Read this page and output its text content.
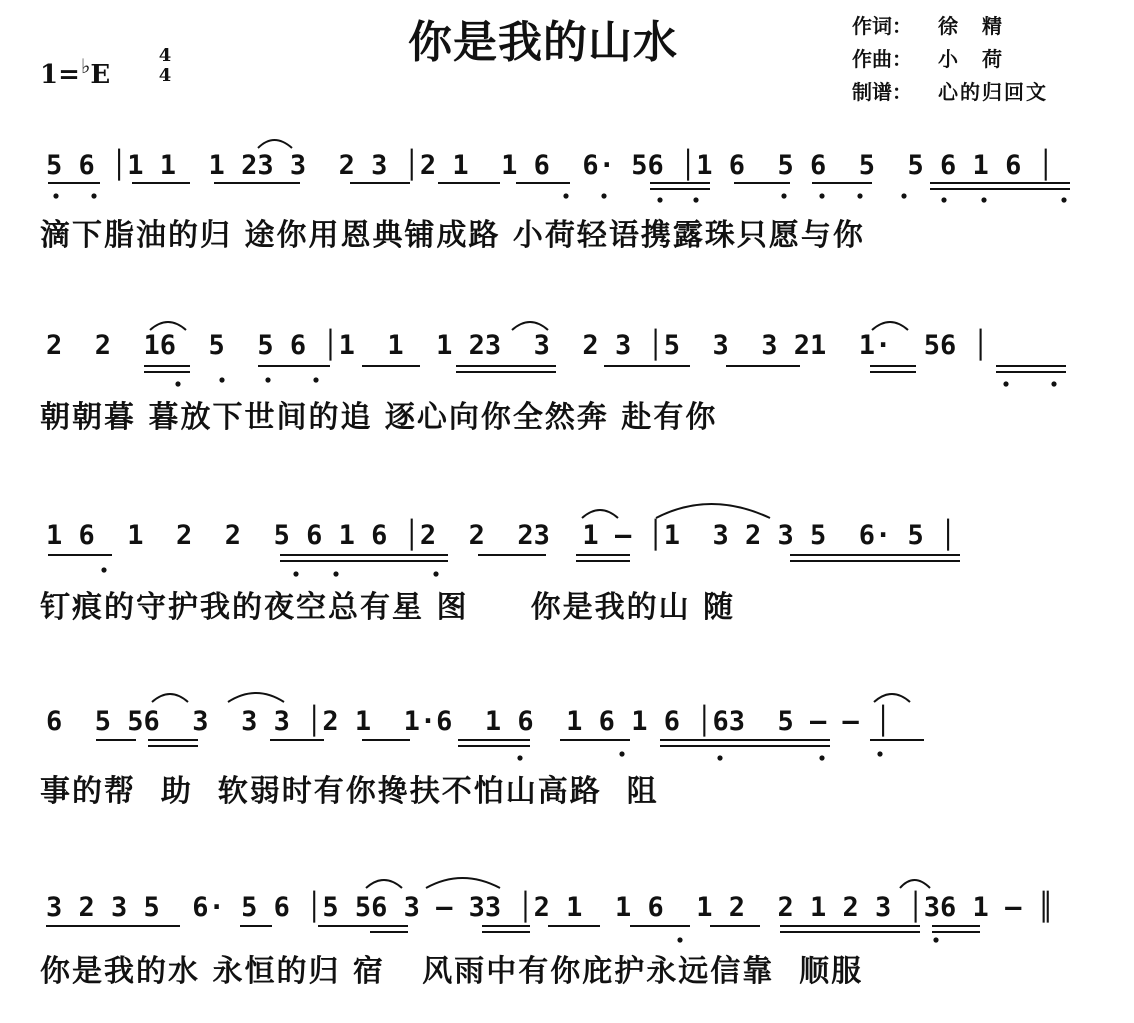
你是我的山水
1=♭E
4
4
作词： 徐　精
作曲： 小　荷
制谱： 心的归回文
5 6 │1 1  1 23 3  2 3 │2 1  1 6  6· 56 │1 6  5 6  5  5 6 1 6 │
滴下脂油的归 途你用恩典铺成路 小荷轻语携露珠只愿与你
2  2  16  5  5 6 │1  1  1 23  3  2 3 │5  3  3 21  1·  56 │
朝朝暮 暮放下世间的追 逐心向你全然奔 赴有你
1 6  1  2  2  5 6 1 6 │2  2  23  1 – │1  3 2 3 5  6· 5 │
钉痕的守护我的夜空总有星 图     你是我的山 随
6  5 56  3  3 3 │2 1  1·6  1 6  1 6 1 6 │63  5 – – │
事的帮  助  软弱时有你搀扶不怕山高路  阻
3 2 3 5  6· 5 6 │5 56 3 – 33 │2 1  1 6  1 2  2 1 2 3 │36 1 – ║
你是我的水 永恒的归 宿   风雨中有你庇护永远信靠  顺服
